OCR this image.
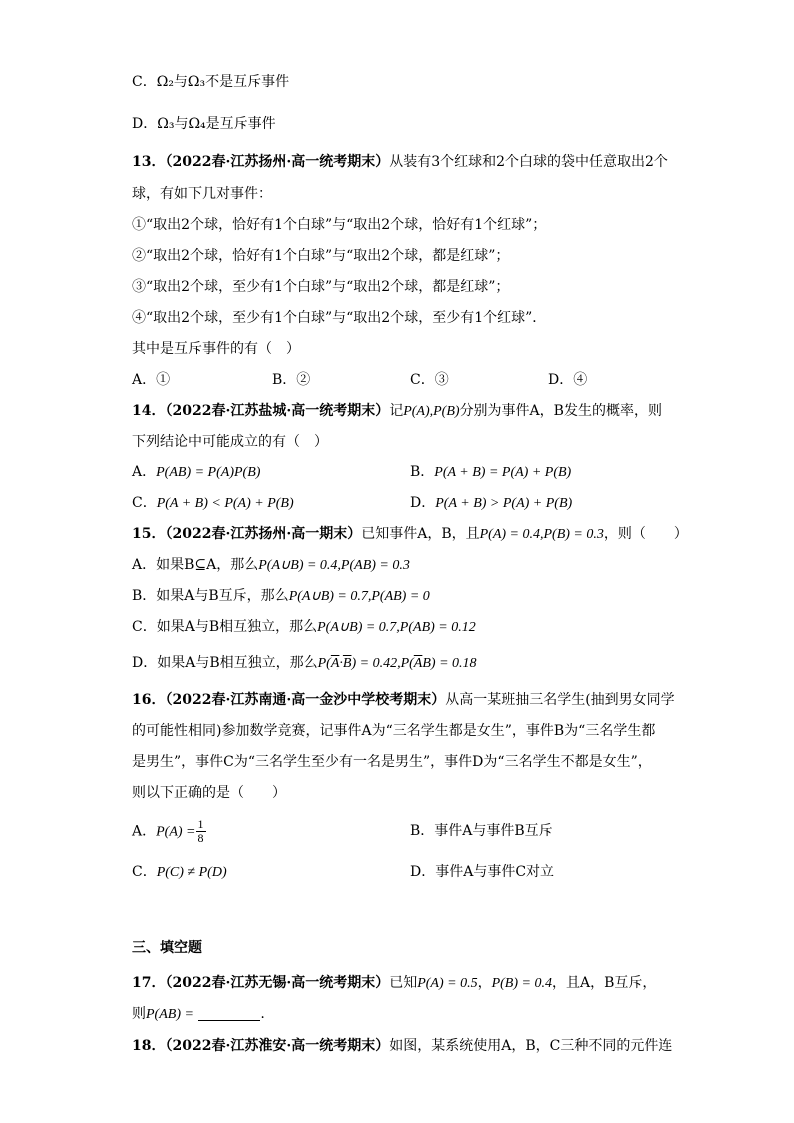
C．Ω₂与Ω₃不是互斥事件
D．Ω₃与Ω₄是互斥事件
13．（2022春·江苏扬州·高一统考期末）从装有3个红球和2个白球的袋中任意取出2个
球，有如下几对事件：
①“取出2个球，恰好有1个白球”与“取出2个球，恰好有1个红球”；
②“取出2个球，恰好有1个白球”与“取出2个球，都是红球”；
③“取出2个球，至少有1个白球”与“取出2个球，都是红球”；
④“取出2个球，至少有1个白球”与“取出2个球，至少有1个红球”．
其中是互斥事件的有（　）
A．①	B．②	C．③	D．④
14．（2022春·江苏盐城·高一统考期末）记P(A),P(B)分别为事件A，B发生的概率，则
下列结论中可能成立的有（　）
A．P(AB) = P(A)P(B)	B．P(A + B) = P(A) + P(B)
C．P(A + B) < P(A) + P(B)	D．P(A + B) > P(A) + P(B)
15．（2022春·江苏扬州·高一期末）已知事件A，B，且P(A) = 0.4,P(B) = 0.3，则（　　）
A．如果B⊆A，那么P(A∪B) = 0.4,P(AB) = 0.3
B．如果A与B互斥，那么P(A∪B) = 0.7,P(AB) = 0
C．如果A与B相互独立，那么P(A∪B) = 0.7,P(AB) = 0.12
D．如果A与B相互独立，那么$P(\overline{A}\cdot\overline{B}) = 0.42,P(\overline{A}B) = 0.18$
16．（2022春·江苏南通·高一金沙中学校考期末）从高一某班抽三名学生(抽到男女同学
的可能性相同)参加数学竞赛，记事件A为“三名学生都是女生”，事件B为“三名学生都
是男生”，事件C为“三名学生至少有一名是男生”，事件D为“三名学生不都是女生”，
则以下正确的是（　　）
A．$P(A) = \frac{1}{8}$	B．事件A与事件B互斥
C．P(C) ≠ P(D)	D．事件A与事件C对立
三、填空题
17．（2022春·江苏无锡·高一统考期末）已知P(A) = 0.5，P(B) = 0.4，且A，B互斥，
则P(AB) =	.
18．（2022春·江苏淮安·高一统考期末）如图，某系统使用A，B，C三种不同的元件连
